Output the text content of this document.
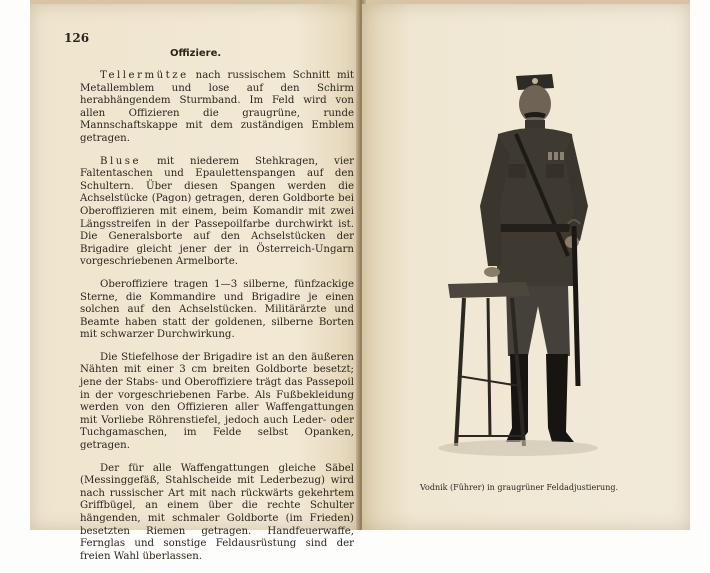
126
Offiziere.

Tellermütze nach russischem Schnitt mit Metallemblem und lose auf den Schirm herabhängendem Sturmband. Im Feld wird von allen Offizieren die graugrüne, runde Mannschaftskappe mit dem zuständigen Emblem getragen.

Bluse mit niederem Stehkragen, vier Faltentaschen und Epaulettenspangen auf den Schultern. Über diesen Spangen werden die Achselstücke (Pagon) getragen, deren Goldborte bei Oberoffizieren mit einem, beim Komandir mit zwei Längsstreifen in der Passepoilfarbe durchwirkt ist. Die Generalsborte auf den Achselstücken der Brigadire gleicht jener der in Österreich-Ungarn vorgeschriebenen Armelborte.

Oberoffiziere tragen 1—3 silberne, fünfzackige Sterne, die Kommandire und Brigadire je einen solchen auf den Achselstücken. Militärärzte und Beamte haben statt der goldenen, silberne Borten mit schwarzer Durchwirkung.

Die Stiefelhose der Brigadire ist an den äußeren Nähten mit einer 3 cm breiten Goldborte besetzt; jene der Stabs- und Oberoffiziere trägt das Passepoil in der vorgeschriebenen Farbe. Als Fußbekleidung werden von den Offizieren aller Waffengattungen mit Vorliebe Röhrenstiefel, jedoch auch Leder- oder Tuchgamaschen, im Felde selbst Opanken, getragen.

Der für alle Waffengattungen gleiche Säbel (Messinggefäß, Stahlscheide mit Lederbezug) wird nach russischer Art mit nach rückwärts gekehrtem Griffbügel, an einem über die rechte Schulter hängenden, mit schmaler Goldborte (im Frieden) besetzten Riemen getragen. Handfeuerwaffe, Fernglas und sonstige Feldausrüstung sind der freien Wahl überlassen.

Vodnik (Führer) in graugrüner Feldadjustierung.
